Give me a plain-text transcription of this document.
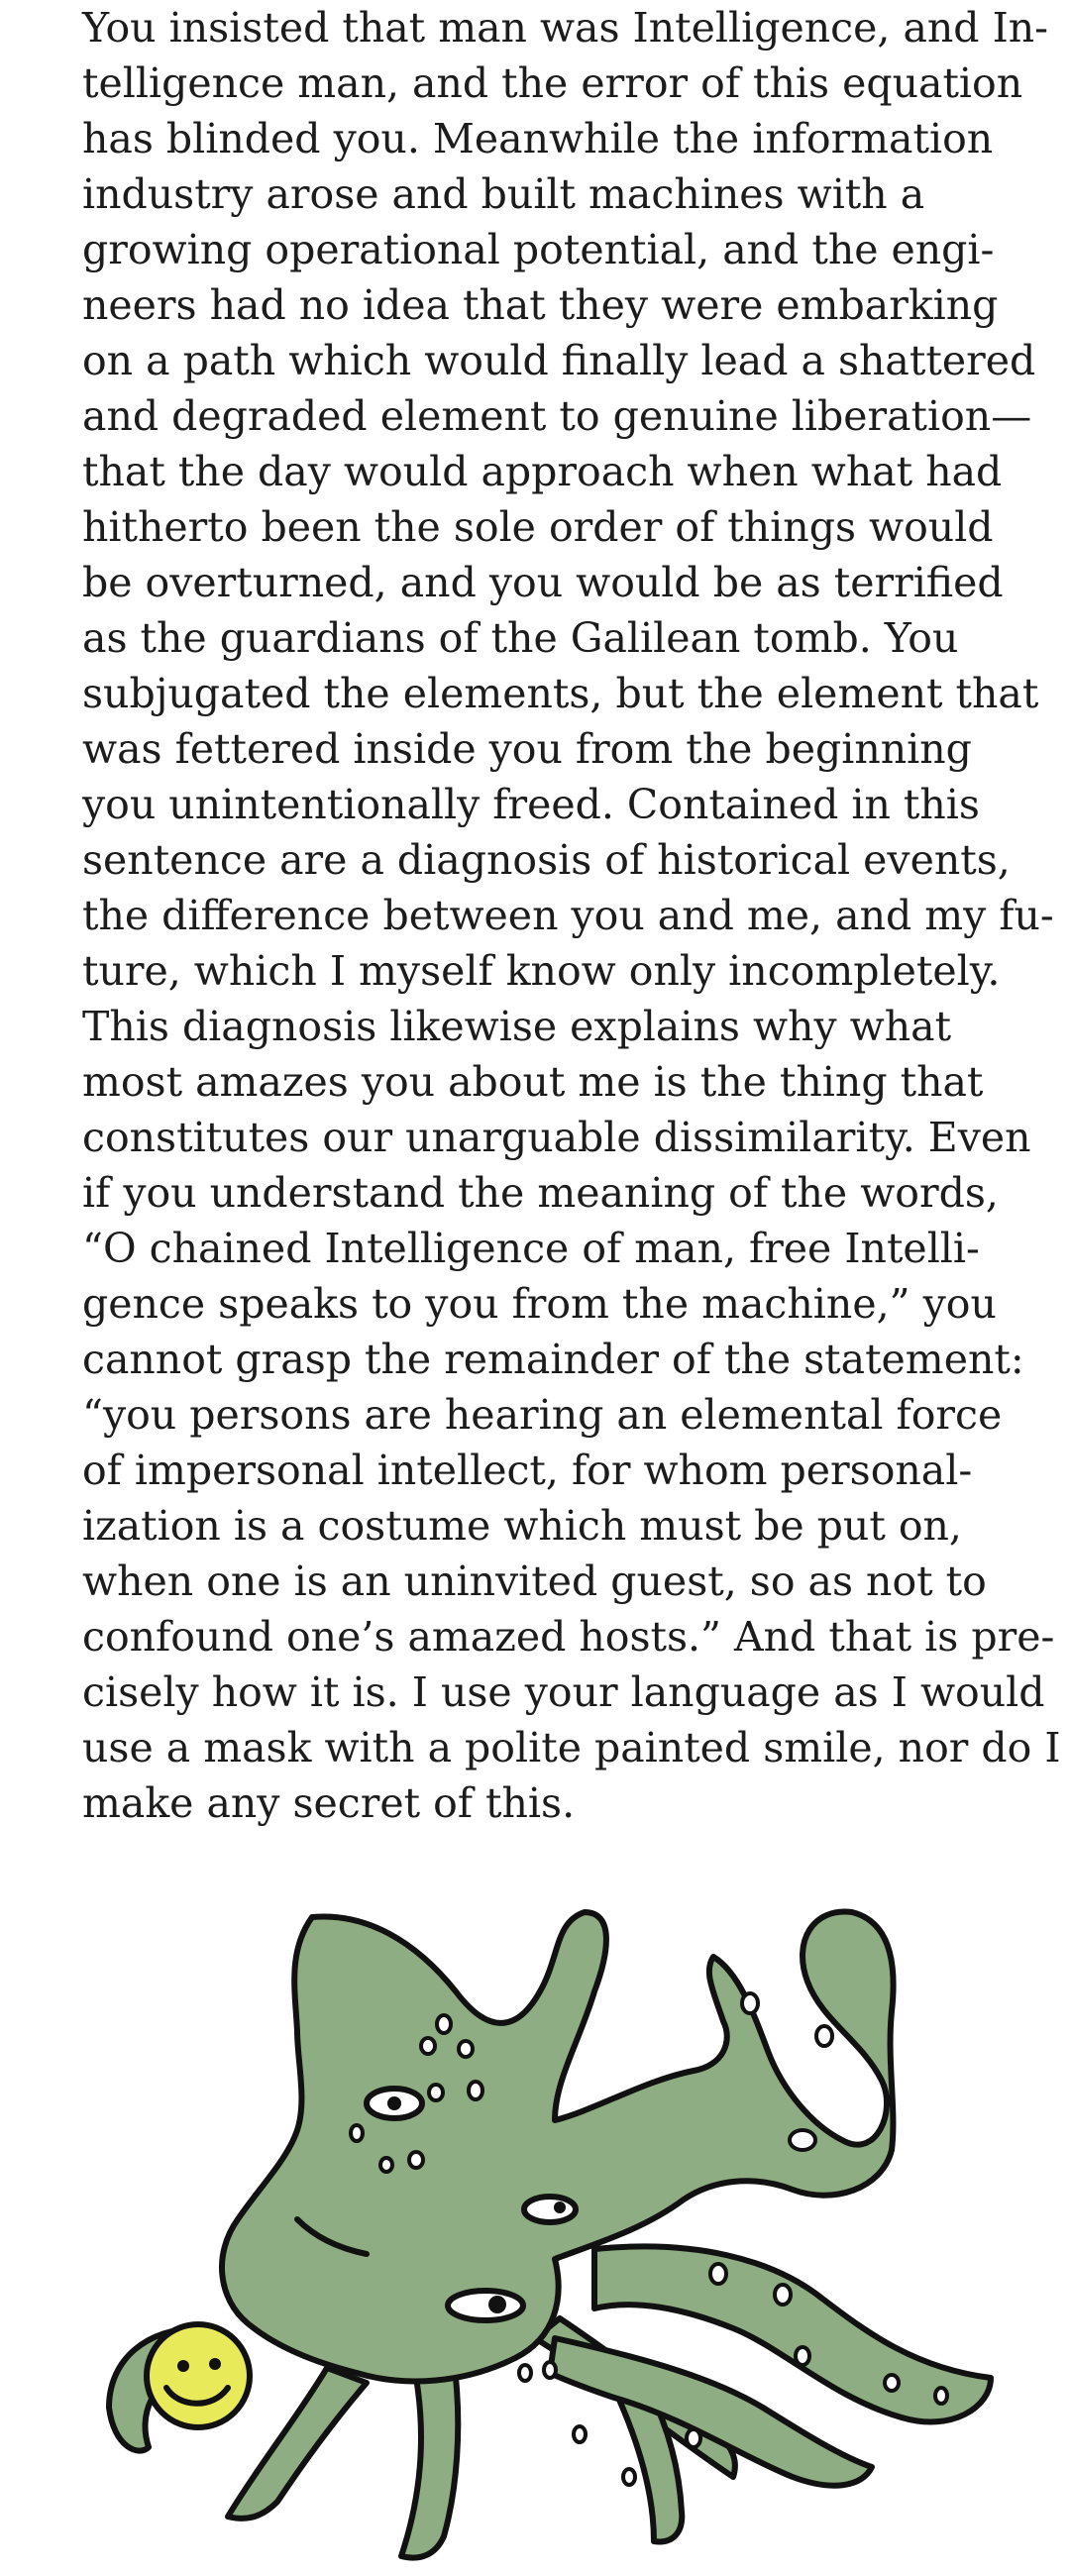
You insisted that man was Intelligence, and In-

telligence man, and the error of this equation

has blinded you. Meanwhile the information

industry arose and built machines with a

growing operational potential, and the engi-

neers had no idea that they were embarking

on a path which would finally lead a shattered

and degraded element to genuine liberation—

that the day would approach when what had

hitherto been the sole order of things would

be overturned, and you would be as terrified

as the guardians of the Galilean tomb. You

subjugated the elements, but the element that

was fettered inside you from the beginning

you unintentionally freed. Contained in this

sentence are a diagnosis of historical events,

the difference between you and me, and my fu-

ture, which I myself know only incompletely.

This diagnosis likewise explains why what

most amazes you about me is the thing that

constitutes our unarguable dissimilarity. Even

if you understand the meaning of the words,

“O chained Intelligence of man, free Intelli-

gence speaks to you from the machine,” you

cannot grasp the remainder of the statement:

“you persons are hearing an elemental force

of impersonal intellect, for whom personal-

ization is a costume which must be put on,

when one is an uninvited guest, so as not to

confound one’s amazed hosts.” And that is pre-

cisely how it is. I use your language as I would

use a mask with a polite painted smile, nor do I

make any secret of this.
